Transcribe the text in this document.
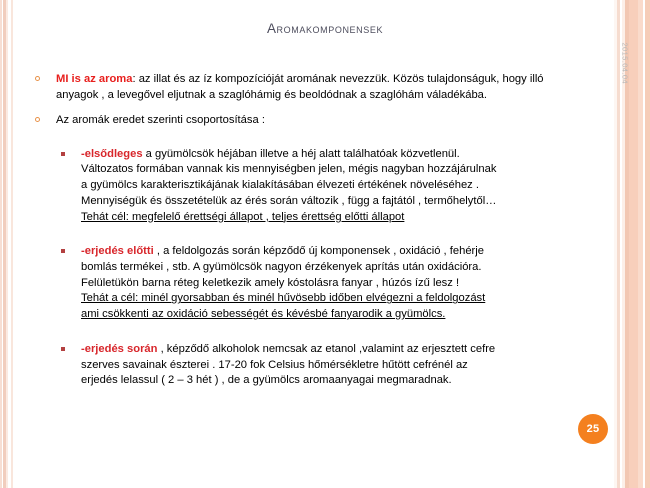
Aromakomponensek
2015.04.04
MI is az aroma: az illat és az íz kompozícióját aromának nevezzük. Közös tulajdonságuk, hogy illó anyagok , a levegővel eljutnak a szaglóhámig és beoldódnak a szaglóhám váladékába.
Az aromák eredet szerinti csoportosítása :
-elsődleges a gyümölcsök héjában illetve a héj alatt találhatóak közvetlenül.
Változatos formában vannak kis mennyiségben jelen, mégis nagyban hozzájárulnak
a gyümölcs karakterisztikájának kialakításában élvezeti értékének növeléséhez .
Mennyiségük és összetételük az érés során változik , függ a fajtától , termőhelytől…
Tehát cél: megfelelő érettségi állapot , teljes érettség előtti állapot
-erjedés előtti , a feldolgozás során képződő új komponensek , oxidáció , fehérje
bomlás termékei , stb. A gyümölcsök nagyon érzékenyek aprítás után oxidációra.
Felületükön barna réteg keletkezik amely kóstolásra fanyar , húzós ízű lesz !
Tehát a cél: minél gyorsabban és minél hűvösebb időben elvégezni a feldolgozást
ami csökkenti az oxidáció sebességét és kévésbé fanyarodik a gyümölcs.
-erjedés során , képződő alkoholok nemcsak az etanol ,valamint az erjesztett cefre
szerves savainak észterei . 17-20 fok Celsius hőmérsékletre hűtött cefrénél az
erjedés lelassul ( 2 – 3 hét ) , de a gyümölcs aromaanyagai megmaradnak.
25
